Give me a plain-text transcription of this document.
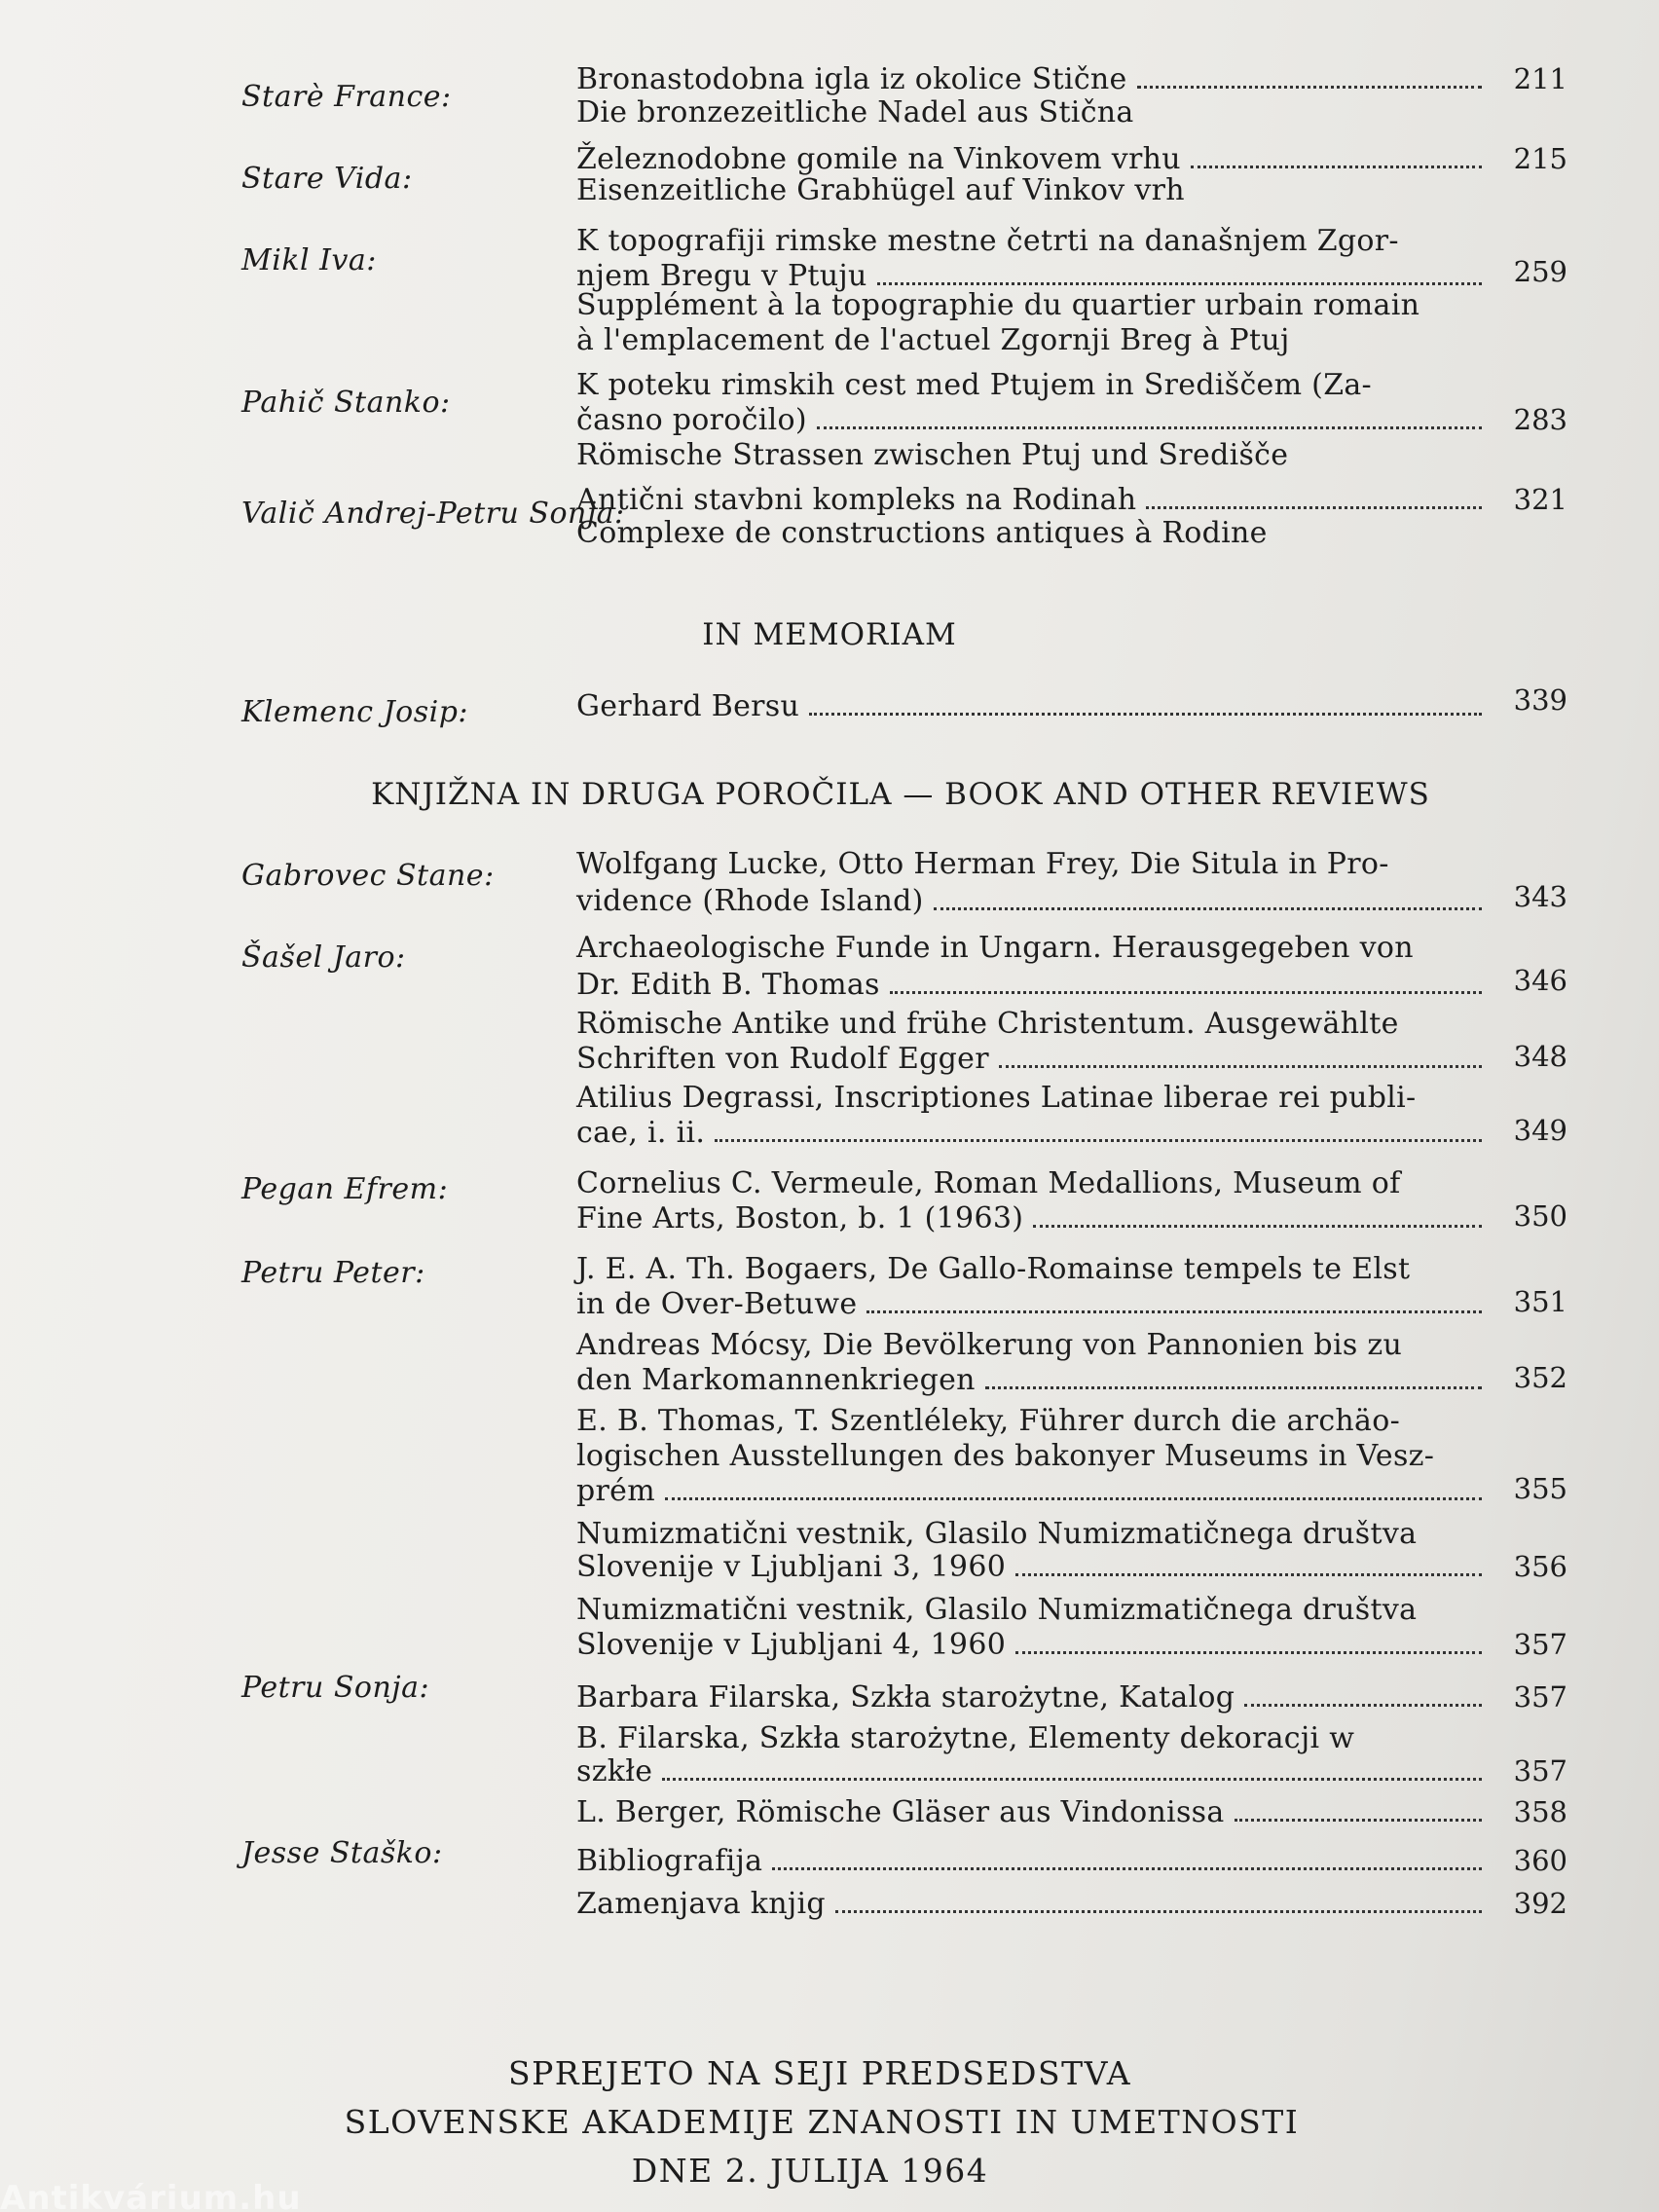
Starè France:
Bronastodobna igla iz okolice Stične	211
Die bronzezeitliche Nadel aus Stična
Stare Vida:
Železnodobne gomile na Vinkovem vrhu	215
Eisenzeitliche Grabhügel auf Vinkov vrh
Mikl Iva:
K topografiji rimske mestne četrti na današnjem Zgor-
njem Bregu v Ptuju	259
Supplément à la topographie du quartier urbain romain
à l'emplacement de l'actuel Zgornji Breg à Ptuj
Pahič Stanko:
K poteku rimskih cest med Ptujem in Središčem (Za-
časno poročilo)	283
Römische Strassen zwischen Ptuj und Središče
Valič Andrej-Petru Sonja:
Antični stavbni kompleks na Rodinah	321
Complexe de constructions antiques à Rodine
IN MEMORIAM
Klemenc Josip:	Gerhard Bersu	339
KNJIŽNA IN DRUGA POROČILA — BOOK AND OTHER REVIEWS
Gabrovec Stane:	Wolfgang Lucke, Otto Herman Frey, Die Situla in Pro-
vidence (Rhode Island)	343
Šašel Jaro:	Archaeologische Funde in Ungarn. Herausgegeben von
Dr. Edith B. Thomas	346
Römische Antike und frühe Christentum. Ausgewählte
Schriften von Rudolf Egger	348
Atilius Degrassi, Inscriptiones Latinae liberae rei publi-
cae, i. ii.	349
Pegan Efrem:	Cornelius C. Vermeule, Roman Medallions, Museum of
Fine Arts, Boston, b. 1 (1963)	350
Petru Peter:	J. E. A. Th. Bogaers, De Gallo-Romainse tempels te Elst
in de Over-Betuwe	351
Andreas Mócsy, Die Bevölkerung von Pannonien bis zu
den Markomannenkriegen	352
E. B. Thomas, T. Szentléleky, Führer durch die archäo-
logischen Ausstellungen des bakonyer Museums in Vesz-
prém	355
Numizmatični vestnik, Glasilo Numizmatičnega društva
Slovenije v Ljubljani 3, 1960	356
Numizmatični vestnik, Glasilo Numizmatičnega društva
Slovenije v Ljubljani 4, 1960	357
Petru Sonja:	Barbara Filarska, Szkła starożytne, Katalog	357
B. Filarska, Szkła starożytne, Elementy dekoracji w
szkłe	357
L. Berger, Römische Gläser aus Vindonissa	358
Jesse Staško:	Bibliografija	360
Zamenjava knjig	392
SPREJETO NA SEJI PREDSEDSTVA
SLOVENSKE AKADEMIJE ZNANOSTI IN UMETNOSTI
DNE 2. JULIJA 1964
Antikvárium.hu
